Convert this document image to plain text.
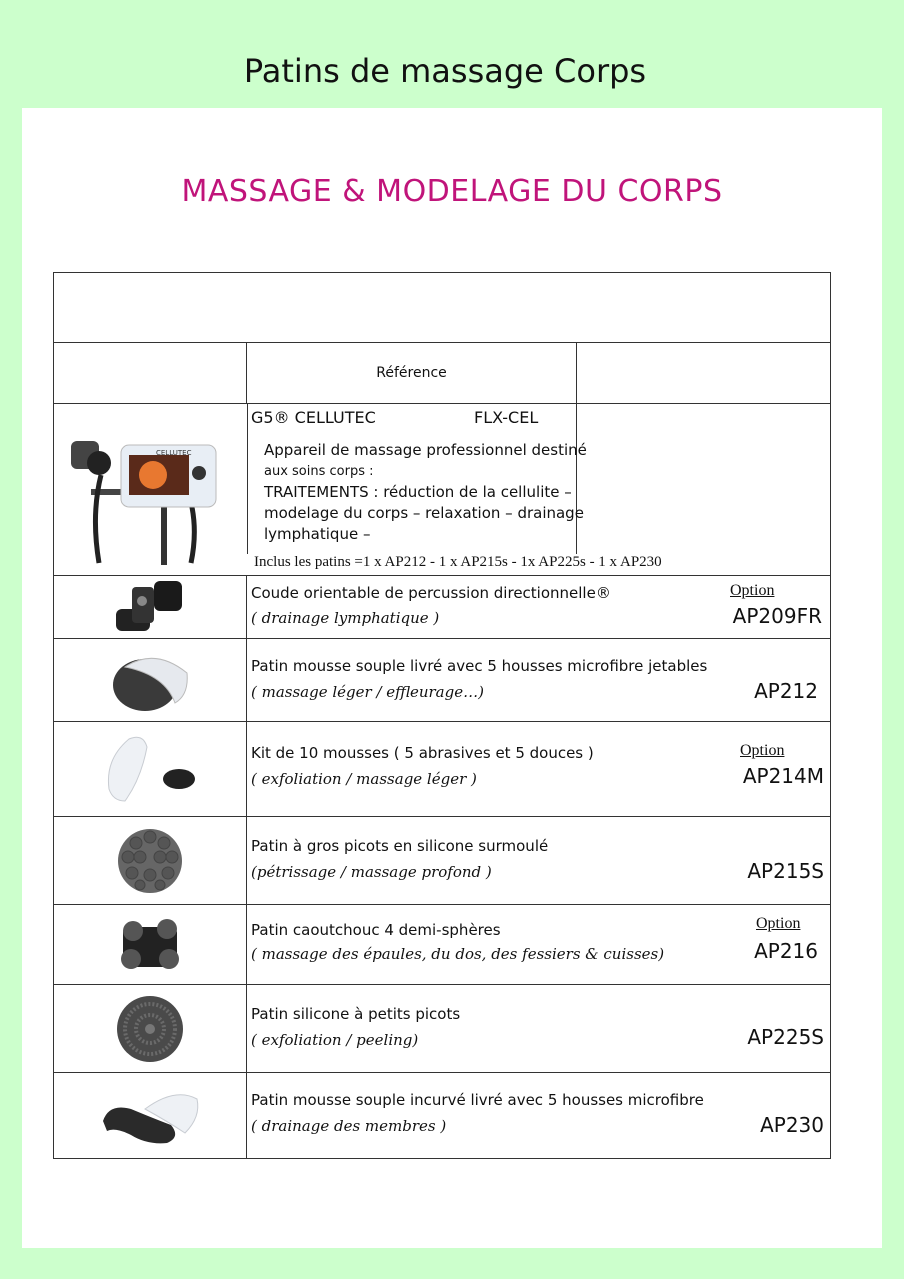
Patins de massage Corps
MASSAGE & MODELAGE DU CORPS
Référence
CELLUTEC
G5® CELLUTEC	FLX-CEL
Appareil de massage professionnel destiné
aux soins corps :
TRAITEMENTS : réduction de la cellulite –
modelage du corps – relaxation – drainage
lymphatique –
Inclus les patins =1 x AP212 - 1 x AP215s - 1x AP225s - 1 x AP230
Coude orientable de percussion directionnelle®
( drainage lymphatique )
Option
AP209FR
Patin mousse souple livré avec 5 housses microfibre jetables
( massage léger / effleurage…)	AP212
Kit de 10 mousses ( 5 abrasives et 5 douces )
( exfoliation / massage léger )
Option
AP214M
Patin à gros picots en silicone surmoulé
(pétrissage / massage profond )	AP215S
Patin caoutchouc 4 demi-sphères
( massage des épaules, du dos, des fessiers & cuisses)
Option
AP216
Patin silicone à petits picots
( exfoliation / peeling)	AP225S
Patin mousse souple incurvé livré avec 5 housses microfibre
( drainage des membres )	AP230
